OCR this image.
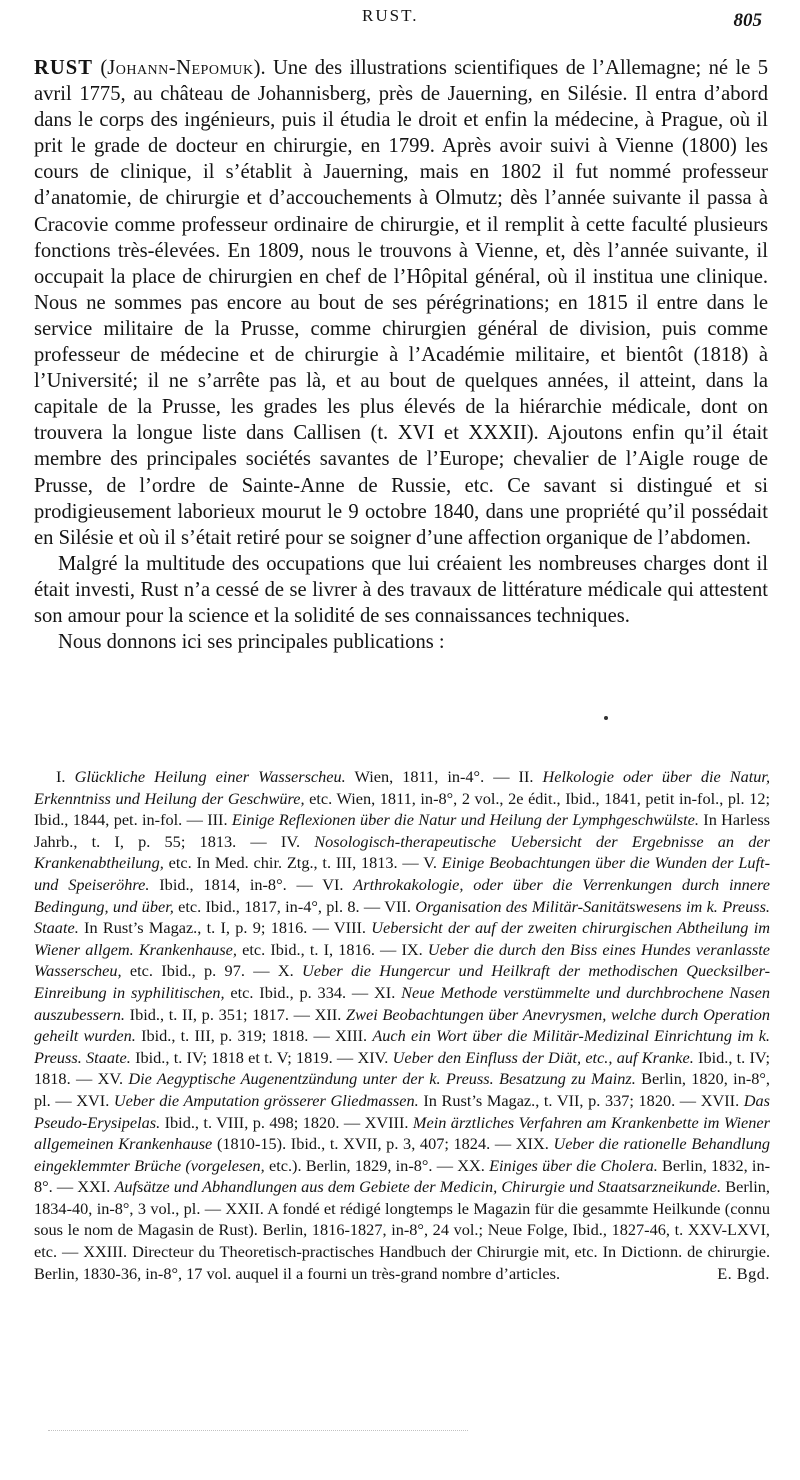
RUST.	805

RUST (Johann-Nepomuk). Une des illustrations scientifiques de l’Allemagne; né le 5 avril 1775, au château de Johannisberg, près de Jauerning, en Silésie. Il entra d’abord dans le corps des ingénieurs, puis il étudia le droit et enfin la médecine, à Prague, où il prit le grade de docteur en chirurgie, en 1799. Après avoir suivi à Vienne (1800) les cours de clinique, il s’établit à Jauerning, mais en 1802 il fut nommé professeur d’anatomie, de chirurgie et d’accouchements à Olmutz; dès l’année suivante il passa à Cracovie comme professeur ordinaire de chirurgie, et il remplit à cette faculté plusieurs fonctions très-élevées. En 1809, nous le trouvons à Vienne, et, dès l’année suivante, il occupait la place de chirurgien en chef de l’Hôpital général, où il institua une clinique. Nous ne sommes pas encore au bout de ses pérégrinations; en 1815 il entre dans le service militaire de la Prusse, comme chirurgien général de division, puis comme professeur de médecine et de chirurgie à l’Académie militaire, et bientôt (1818) à l’Université; il ne s’arrête pas là, et au bout de quelques années, il atteint, dans la capitale de la Prusse, les grades les plus élevés de la hiérarchie médicale, dont on trouvera la longue liste dans Callisen (t. XVI et XXXII). Ajoutons enfin qu’il était membre des principales sociétés savantes de l’Europe; chevalier de l’Aigle rouge de Prusse, de l’ordre de Sainte-Anne de Russie, etc. Ce savant si distingué et si prodigieusement laborieux mourut le 9 octobre 1840, dans une propriété qu’il possédait en Silésie et où il s’était retiré pour se soigner d’une affection organique de l’abdomen.

Malgré la multitude des occupations que lui créaient les nombreuses charges dont il était investi, Rust n’a cessé de se livrer à des travaux de littérature médicale qui attestent son amour pour la science et la solidité de ses connaissances techniques.

Nous donnons ici ses principales publications :

I. Glückliche Heilung einer Wasserscheu. Wien, 1811, in-4°. — II. Helkologie oder über die Natur, Erkenntniss und Heilung der Geschwüre, etc. Wien, 1811, in-8°, 2 vol., 2e édit., Ibid., 1841, petit in-fol., pl. 12; Ibid., 1844, pet. in-fol. — III. Einige Reflexionen über die Natur und Heilung der Lymphgeschwülste. In Harless Jahrb., t. I, p. 55; 1813. — IV. Nosologisch-therapeutische Uebersicht der Ergebnisse an der Krankenabtheilung, etc. In Med. chir. Ztg., t. III, 1813. — V. Einige Beobachtungen über die Wunden der Luft- und Speiseröhre. Ibid., 1814, in-8°. — VI. Arthrokakologie, oder über die Verrenkungen durch innere Bedingung, und über, etc. Ibid., 1817, in-4°, pl. 8. — VII. Organisation des Militär-Sanitätswesens im k. Preuss. Staate. In Rust’s Magaz., t. I, p. 9; 1816. — VIII. Uebersicht der auf der zweiten chirurgischen Abtheilung im Wiener allgem. Krankenhause, etc. Ibid., t. I, 1816. — IX. Ueber die durch den Biss eines Hundes veranlasste Wasserscheu, etc. Ibid., p. 97. — X. Ueber die Hungercur und Heilkraft der methodischen Quecksilber-Einreibung in syphilitischen, etc. Ibid., p. 334. — XI. Neue Methode verstümmelte und durchbrochene Nasen auszubessern. Ibid., t. II, p. 351; 1817. — XII. Zwei Beobachtungen über Anevrysmen, welche durch Operation geheilt wurden. Ibid., t. III, p. 319; 1818. — XIII. Auch ein Wort über die Militär-Medizinal Einrichtung im k. Preuss. Staate. Ibid., t. IV; 1818 et t. V; 1819. — XIV. Ueber den Einfluss der Diät, etc., auf Kranke. Ibid., t. IV; 1818. — XV. Die Aegyptische Augenentzündung unter der k. Preuss. Besatzung zu Mainz. Berlin, 1820, in-8°, pl. — XVI. Ueber die Amputation grösserer Gliedmassen. In Rust’s Magaz., t. VII, p. 337; 1820. — XVII. Das Pseudo-Erysipelas. Ibid., t. VIII, p. 498; 1820. — XVIII. Mein ärztliches Verfahren am Krankenbette im Wiener allgemeinen Krankenhause (1810-15). Ibid., t. XVII, p. 3, 407; 1824. — XIX. Ueber die rationelle Behandlung eingeklemmter Brüche (vorgelesen, etc.). Berlin, 1829, in-8°. — XX. Einiges über die Cholera. Berlin, 1832, in-8°. — XXI. Aufsätze und Abhandlungen aus dem Gebiete der Medicin, Chirurgie und Staatsarzneikunde. Berlin, 1834-40, in-8°, 3 vol., pl. — XXII. A fondé et rédigé longtemps le Magazin für die gesammte Heilkunde (connu sous le nom de Magasin de Rust). Berlin, 1816-1827, in-8°, 24 vol.; Neue Folge, Ibid., 1827-46, t. XXV-LXVI, etc. — XXIII. Directeur du Theoretisch-practisches Handbuch der Chirurgie mit, etc. In Dictionn. de chirurgie. Berlin, 1830-36, in-8°, 17 vol. auquel il a fourni un très-grand nombre d’articles.	E. Bgd.
